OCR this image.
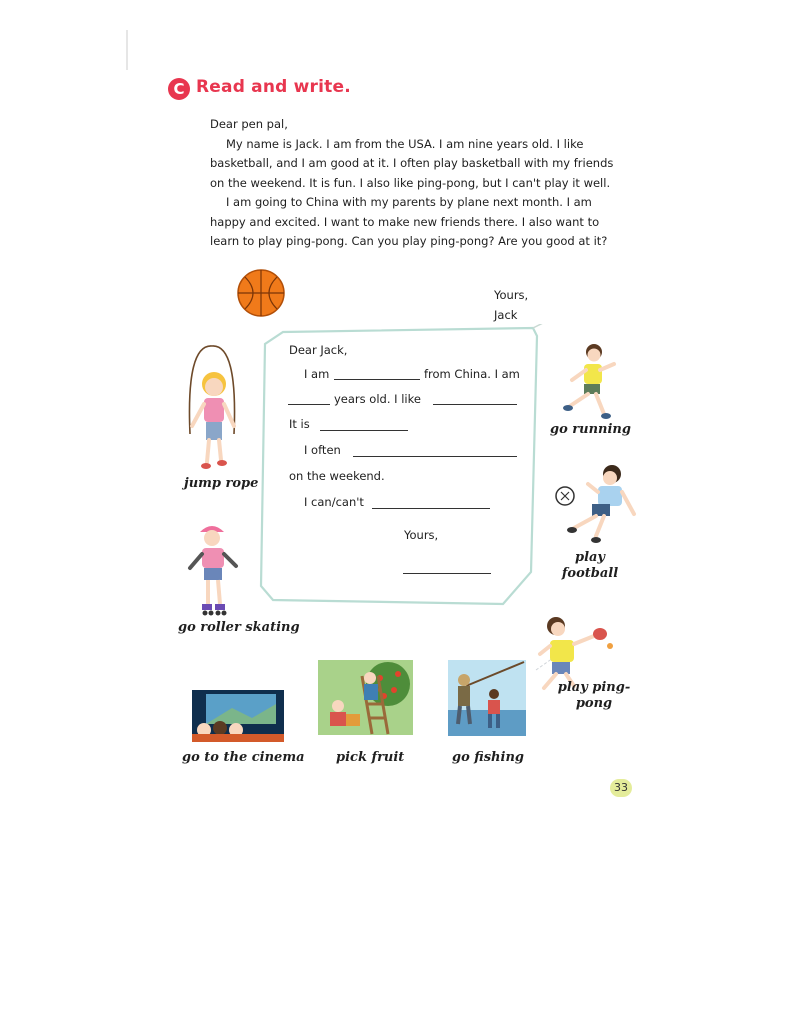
C Read and write.
Dear pen pal,

My name is Jack. I am from the USA. I am nine years old. I like basketball, and I am good at it. I often play basketball with my friends on the weekend. It is fun. I also like ping-pong, but I can't play it well.

I am going to China with my parents by plane next month. I am happy and excited. I want to make new friends there. I also want to learn to play ping-pong. Can you play ping-pong? Are you good at it?

Yours,
Jack
Dear Jack,
I am	from China. I am
years old. I like
It is
I often
on the weekend.
I can/can't
Yours,
jump rope
go roller skating
go running
play football
play ping-pong
go to the cinema pick fruit	go fishing
33
